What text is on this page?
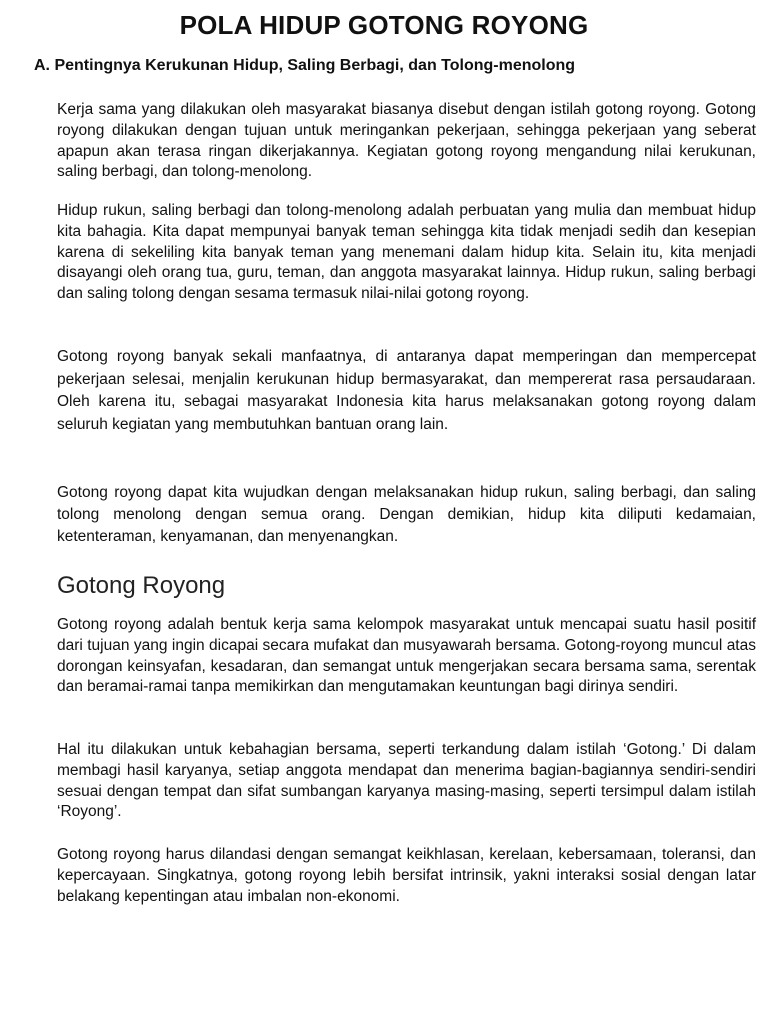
POLA HIDUP GOTONG ROYONG
A. Pentingnya Kerukunan Hidup, Saling Berbagi, dan Tolong-menolong

Kerja sama yang dilakukan oleh masyarakat biasanya disebut dengan istilah gotong royong. Gotong royong dilakukan dengan tujuan untuk meringankan pekerjaan, sehingga pekerjaan yang seberat apapun akan terasa ringan dikerjakannya. Kegiatan gotong royong mengandung nilai kerukunan, saling berbagi, dan tolong-menolong.

Hidup rukun, saling berbagi dan tolong-menolong adalah perbuatan yang mulia dan membuat hidup kita bahagia. Kita dapat mempunyai banyak teman sehingga kita tidak menjadi sedih dan kesepian karena di sekeliling kita banyak teman yang menemani dalam hidup kita. Selain itu, kita menjadi disayangi oleh orang tua, guru, teman, dan anggota masyarakat lainnya. Hidup rukun, saling berbagi dan saling tolong dengan sesama termasuk nilai-nilai gotong royong.

Gotong royong banyak sekali manfaatnya, di antaranya dapat memperingan dan mempercepat pekerjaan selesai, menjalin kerukunan hidup bermasyarakat, dan mempererat rasa persaudaraan. Oleh karena itu, sebagai masyarakat Indonesia kita harus melaksanakan gotong royong dalam seluruh kegiatan yang membutuhkan bantuan orang lain.

Gotong royong dapat kita wujudkan dengan melaksanakan hidup rukun, saling berbagi, dan saling tolong menolong dengan semua orang. Dengan demikian, hidup kita diliputi kedamaian, ketenteraman, kenyamanan, dan menyenangkan.

Gotong Royong

Gotong royong adalah bentuk kerja sama kelompok masyarakat untuk mencapai suatu hasil positif dari tujuan yang ingin dicapai secara mufakat dan musyawarah bersama. Gotong-royong muncul atas dorongan keinsyafan, kesadaran, dan semangat untuk mengerjakan secara bersama sama, serentak dan beramai-ramai tanpa memikirkan dan mengutamakan keuntungan bagi dirinya sendiri.

Hal itu dilakukan untuk kebahagian bersama, seperti terkandung dalam istilah ‘Gotong.’ Di dalam membagi hasil karyanya, setiap anggota mendapat dan menerima bagian-bagiannya sendiri-sendiri sesuai dengan tempat dan sifat sumbangan karyanya masing-masing, seperti tersimpul dalam istilah ‘Royong’.

Gotong royong harus dilandasi dengan semangat keikhlasan, kerelaan, kebersamaan, toleransi, dan kepercayaan. Singkatnya, gotong royong lebih bersifat intrinsik, yakni interaksi sosial dengan latar belakang kepentingan atau imbalan non-ekonomi.
